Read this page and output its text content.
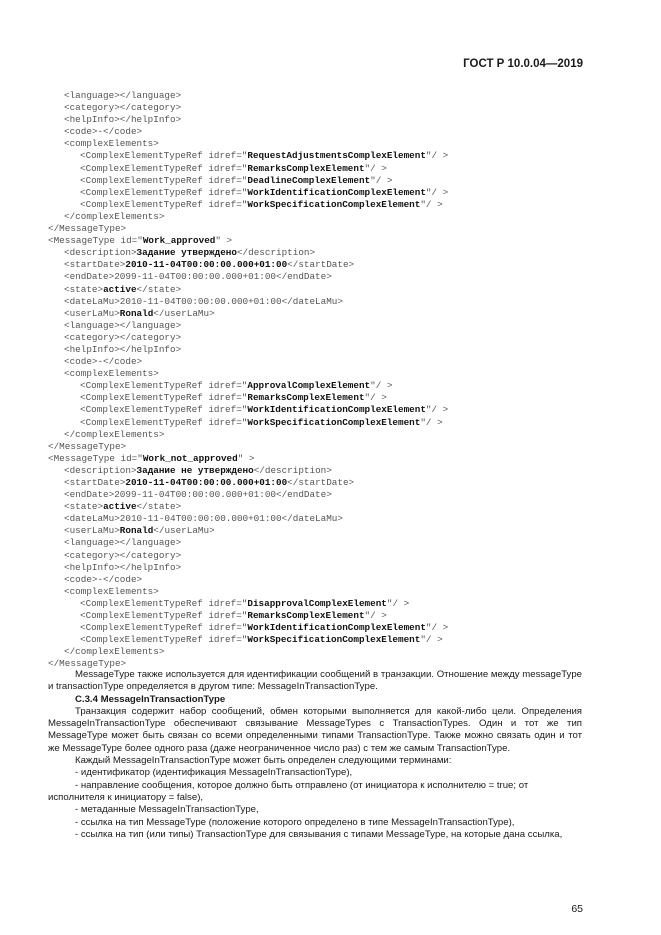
ГОСТ Р 10.0.04—2019
<language></language>
<category></category>
<helpInfo></helpInfo>
<code>-</code>
<complexElements>
<ComplexElementTypeRef idref="RequestAdjustmentsComplexElement"/ >
<ComplexElementTypeRef idref="RemarksComplexElement"/ >
<ComplexElementTypeRef idref="DeadlineComplexElement"/ >
<ComplexElementTypeRef idref="WorkIdentificationComplexElement"/ >
<ComplexElementTypeRef idref="WorkSpecificationComplexElement"/ >
</complexElements>
</MessageType>
<MessageType id="Work_approved" >
<description>Задание утверждено</description>
<startDate>2010-11-04T00:00:00.000+01:00</startDate>
<endDate>2099-11-04T00:00:00.000+01:00</endDate>
<state>active</state>
<dateLaMu>2010-11-04T00:00:00.000+01:00</dateLaMu>
<userLaMu>Ronald</userLaMu>
<language></language>
<category></category>
<helpInfo></helpInfo>
<code>-</code>
<complexElements>
<ComplexElementTypeRef idref="ApprovalComplexElement"/ >
<ComplexElementTypeRef idref="RemarksComplexElement"/ >
<ComplexElementTypeRef idref="WorkIdentificationComplexElement"/ >
<ComplexElementTypeRef idref="WorkSpecificationComplexElement"/ >
</complexElements>
</MessageType>
<MessageType id="Work_not_approved" >
<description>Задание не утверждено</description>
<startDate>2010-11-04T00:00:00.000+01:00</startDate>
<endDate>2099-11-04T00:00:00.000+01:00</endDate>
<state>active</state>
<dateLaMu>2010-11-04T00:00:00.000+01:00</dateLaMu>
<userLaMu>Ronald</userLaMu>
<language></language>
<category></category>
<helpInfo></helpInfo>
<code>-</code>
<complexElements>
<ComplexElementTypeRef idref="DisapprovalComplexElement"/ >
<ComplexElementTypeRef idref="RemarksComplexElement"/ >
<ComplexElementTypeRef idref="WorkIdentificationComplexElement"/ >
<ComplexElementTypeRef idref="WorkSpecificationComplexElement"/ >
</complexElements>
</MessageType>

MessageType также используется для идентификации сообщений в транзакции. Отношение между messageType и transactionType определяется в другом типе: MessageInTransactionType.

С.3.4 MessageInTransactionType

Транзакция содержит набор сообщений, обмен которыми выполняется для какой-либо цели. Определения MessageInTransactionType обеспечивают связывание MessageTypes с TransactionTypes. Один и тот же тип MessageType может быть связан со всеми определенными типами TransactionType. Также можно связать один и тот же MessageType более одного раза (даже неограниченное число раз) с тем же самым TransactionType.

Каждый MessageInTransactionType может быть определен следующими терминами:

- идентификатор (идентификация MessageInTransactionType),

- направление сообщения, которое должно быть отправлено (от инициатора к исполнителю = true; от исполнителя к инициатору = false),

- метаданные MessageInTransactionType,

- ссылка на тип MessageType (положение которого определено в типе MessageInTransactionType),

- ссылка на тип (или типы) TransactionType для связывания с типами MessageType, на которые дана ссылка,

65
